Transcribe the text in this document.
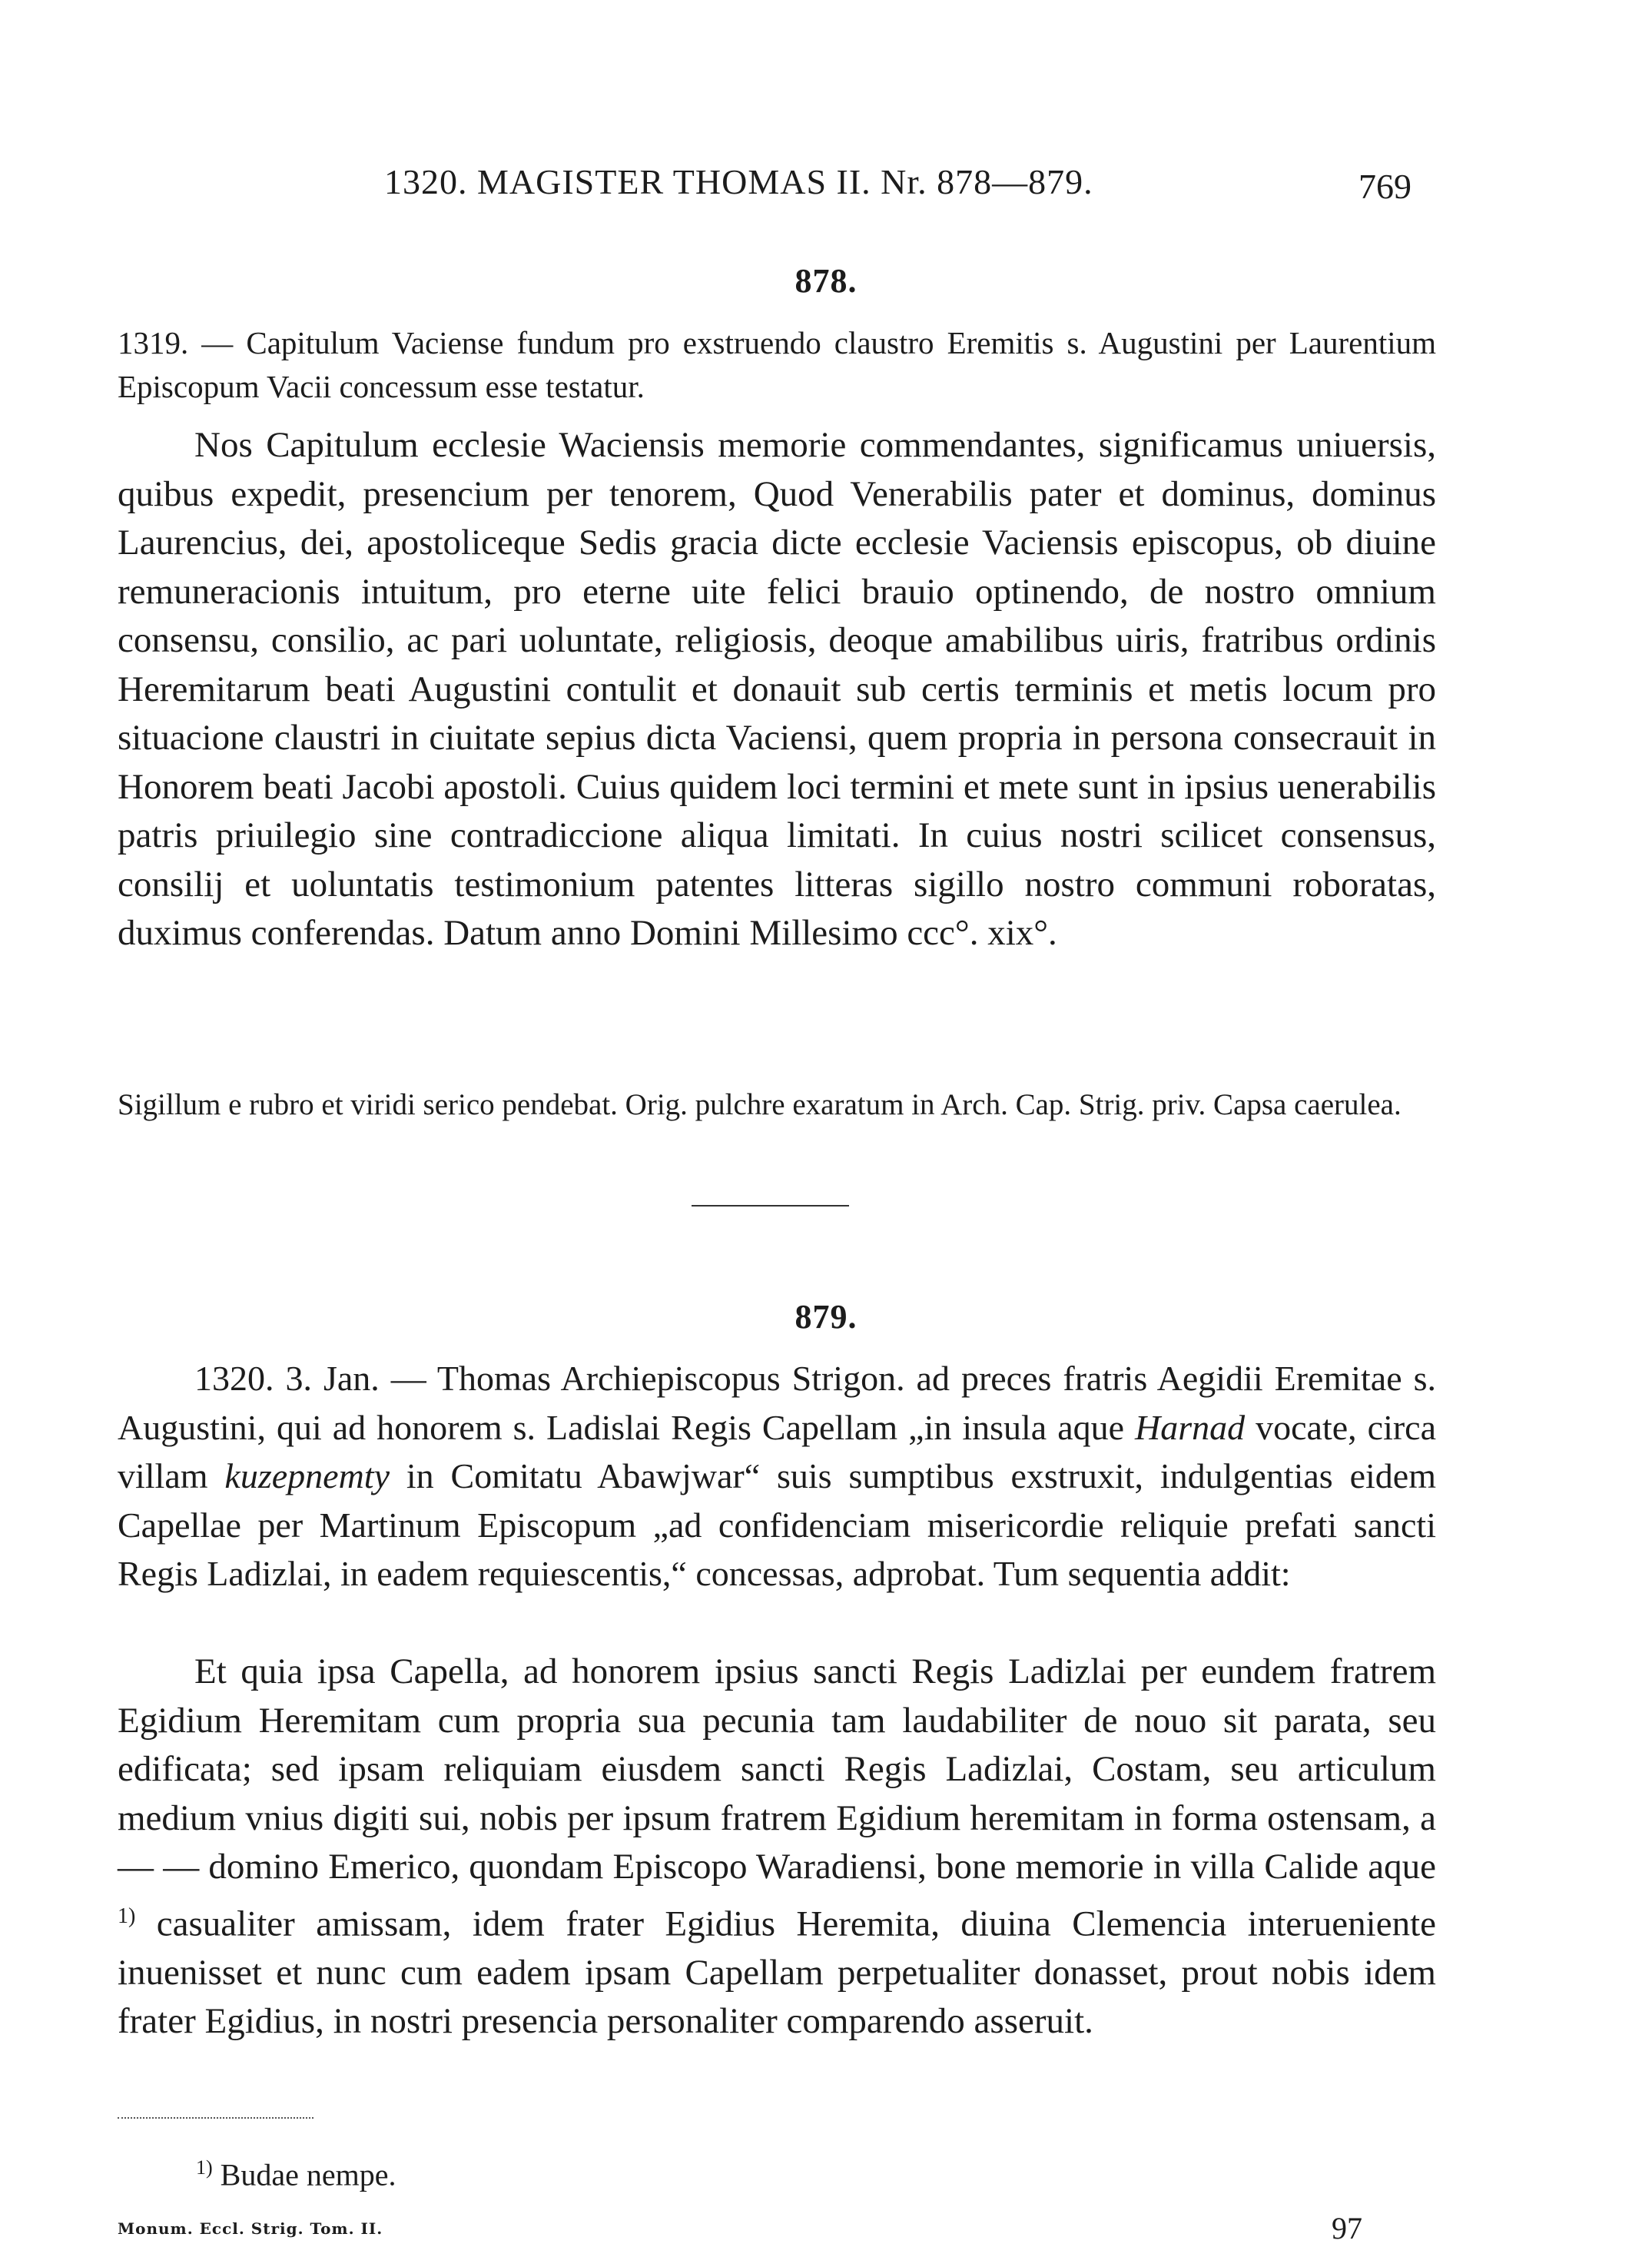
1320. MAGISTER THOMAS II. Nr. 878—879.	769
878.

1319. — Capitulum Vaciense fundum pro exstruendo claustro Eremitis s. Augustini per Laurentium Episcopum Vacii concessum esse testatur.

Nos Capitulum ecclesie Waciensis memorie commendantes, significamus uniuersis, quibus expedit, presencium per tenorem, Quod Venerabilis pater et dominus, dominus Laurencius, dei, apostoliceque Sedis gracia dicte ecclesie Vaciensis episcopus, ob diuine remuneracionis intuitum, pro eterne uite felici brauio optinendo, de nostro omnium consensu, consilio, ac pari uoluntate, religiosis, deoque amabilibus uiris, fratribus ordinis Heremitarum beati Augustini contulit et donauit sub certis terminis et metis locum pro situacione claustri in ciuitate sepius dicta Vaciensi, quem propria in persona consecrauit in Honorem beati Jacobi apostoli. Cuius quidem loci termini et mete sunt in ipsius uenerabilis patris priuilegio sine contradiccione aliqua limitati. In cuius nostri scilicet consensus, consilij et uoluntatis testimonium patentes litteras sigillo nostro communi roboratas, duximus conferendas. Datum anno Domini Millesimo ccc°. xix°.

Sigillum e rubro et viridi serico pendebat. Orig. pulchre exaratum in Arch. Cap. Strig. priv. Capsa caerulea.

879.

1320. 3. Jan. — Thomas Archiepiscopus Strigon. ad preces fratris Aegidii Eremitae s. Augustini, qui ad honorem s. Ladislai Regis Capellam „in insula aque Harnad vocate, circa villam kuzepnemty in Comitatu Abawjwar“ suis sumptibus exstruxit, indulgentias eidem Capellae per Martinum Episcopum „ad confidenciam misericordie reliquie prefati sancti Regis Ladizlai, in eadem requiescentis,“ concessas, adprobat. Tum sequentia addit:

Et quia ipsa Capella, ad honorem ipsius sancti Regis Ladizlai per eundem fratrem Egidium Heremitam cum propria sua pecunia tam laudabiliter de nouo sit parata, seu edificata; sed ipsam reliquiam eiusdem sancti Regis Ladizlai, Costam, seu articulum medium vnius digiti sui, nobis per ipsum fratrem Egidium heremitam in forma ostensam, a — — domino Emerico, quondam Episcopo Waradiensi, bone memorie in villa Calide aque $^{1)}$ casualiter amissam, idem frater Egidius Heremita, diuina Clemencia interueniente inuenisset et nunc cum eadem ipsam Capellam perpetualiter donasset, prout nobis idem frater Egidius, in nostri presencia personaliter comparendo asseruit.

$^{1)}$ Budae nempe.
Monum. Eccl. Strig. Tom. II.	97
